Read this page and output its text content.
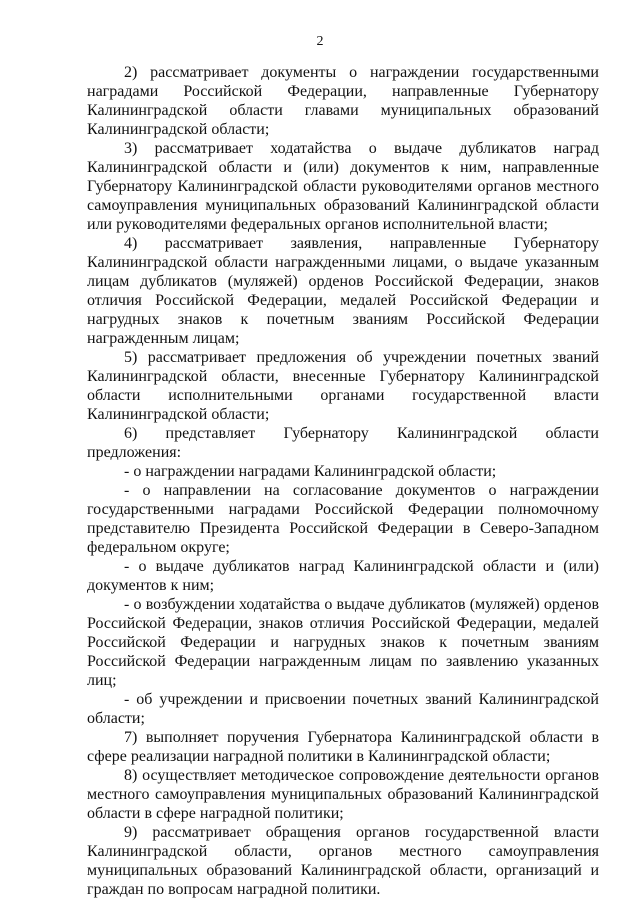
2

2) рассматривает документы о награждении государственными наградами Российской Федерации, направленные Губернатору Калининградской области главами муниципальных образований Калининградской области;

3) рассматривает ходатайства о выдаче дубликатов наград Калининградской области и (или) документов к ним, направленные Губернатору Калининградской области руководителями органов местного самоуправления муниципальных образований Калининградской области или руководителями федеральных органов исполнительной власти;

4) рассматривает заявления, направленные Губернатору Калининградской области награжденными лицами, о выдаче указанным лицам дубликатов (муляжей) орденов Российской Федерации, знаков отличия Российской Федерации, медалей Российской Федерации и нагрудных знаков к почетным званиям Российской Федерации награжденным лицам;

5) рассматривает предложения об учреждении почетных званий Калининградской области, внесенные Губернатору Калининградской области исполнительными органами государственной власти Калининградской области;

6) представляет Губернатору Калининградской области предложения:

- о награждении наградами Калининградской области;

- о направлении на согласование документов о награждении государственными наградами Российской Федерации полномочному представителю Президента Российской Федерации в Северо-Западном федеральном округе;

- о выдаче дубликатов наград Калининградской области и (или) документов к ним;

- о возбуждении ходатайства о выдаче дубликатов (муляжей) орденов Российской Федерации, знаков отличия Российской Федерации, медалей Российской Федерации и нагрудных знаков к почетным званиям Российской Федерации награжденным лицам по заявлению указанных лиц;

- об учреждении и присвоении почетных званий Калининградской области;

7) выполняет поручения Губернатора Калининградской области в сфере реализации наградной политики в Калининградской области;

8) осуществляет методическое сопровождение деятельности органов местного самоуправления муниципальных образований Калининградской области в сфере наградной политики;

9) рассматривает обращения органов государственной власти Калининградской области, органов местного самоуправления муниципальных образований Калининградской области, организаций и граждан по вопросам наградной политики.
